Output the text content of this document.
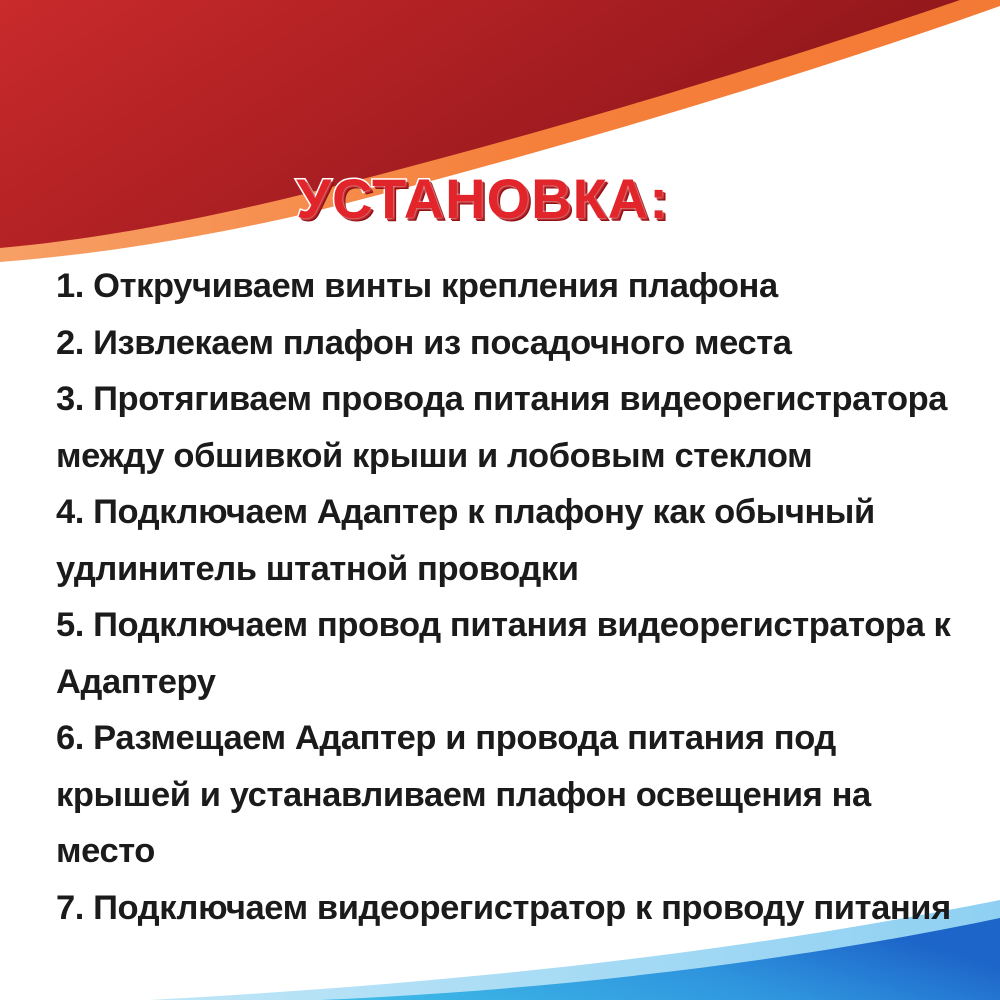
УСТАНОВКА:
1. Откручиваем винты крепления плафона
2. Извлекаем плафон из посадочного места
3. Протягиваем провода питания видеорегистратора между обшивкой крыши и лобовым стеклом
4. Подключаем Адаптер к плафону как обычный удлинитель штатной проводки
5. Подключаем провод питания видеорегистратора к Адаптеру
6. Размещаем Адаптер и провода питания под крышей и устанавливаем плафон освещения на место
7. Подключаем видеорегистратор к проводу питания
